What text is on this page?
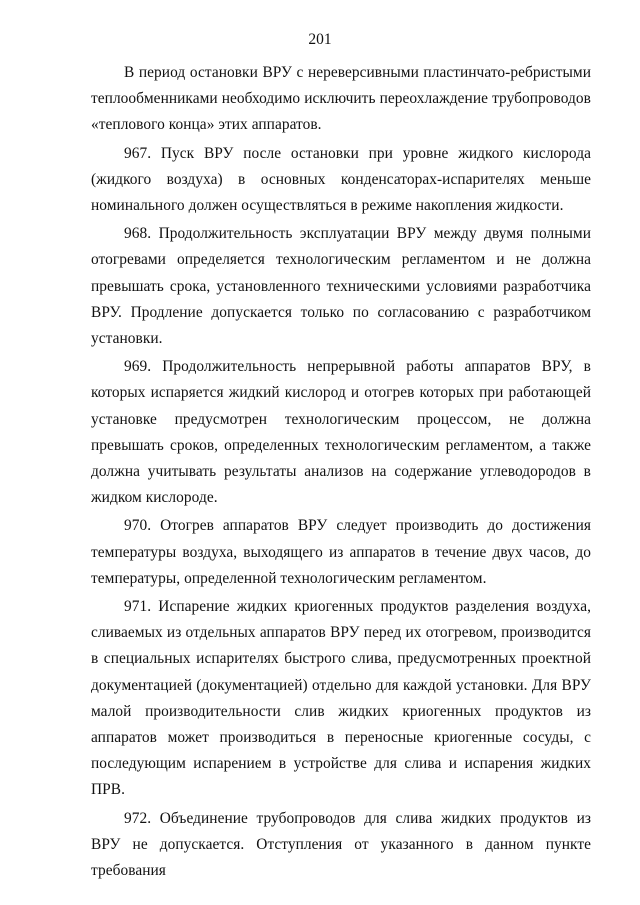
201

В период остановки ВРУ с нереверсивными пластинчато-ребристыми теплообменниками необходимо исключить переохлаждение трубопроводов «теплового конца» этих аппаратов.

967. Пуск ВРУ после остановки при уровне жидкого кислорода (жидкого воздуха) в основных конденсаторах-испарителях меньше номинального должен осуществляться в режиме накопления жидкости.

968. Продолжительность эксплуатации ВРУ между двумя полными отогревами определяется технологическим регламентом и не должна превышать срока, установленного техническими условиями разработчика ВРУ. Продление допускается только по согласованию с разработчиком установки.

969. Продолжительность непрерывной работы аппаратов ВРУ, в которых испаряется жидкий кислород и отогрев которых при работающей установке предусмотрен технологическим процессом, не должна превышать сроков, определенных технологическим регламентом, а также должна учитывать результаты анализов на содержание углеводородов в жидком кислороде.

970. Отогрев аппаратов ВРУ следует производить до достижения температуры воздуха, выходящего из аппаратов в течение двух часов, до температуры, определенной технологическим регламентом.

971. Испарение жидких криогенных продуктов разделения воздуха, сливаемых из отдельных аппаратов ВРУ перед их отогревом, производится в специальных испарителях быстрого слива, предусмотренных проектной документацией (документацией) отдельно для каждой установки. Для ВРУ малой производительности слив жидких криогенных продуктов из аппаратов может производиться в переносные криогенные сосуды, с последующим испарением в устройстве для слива и испарения жидких ПРВ.

972. Объединение трубопроводов для слива жидких продуктов из ВРУ не допускается. Отступления от указанного в данном пункте требования
